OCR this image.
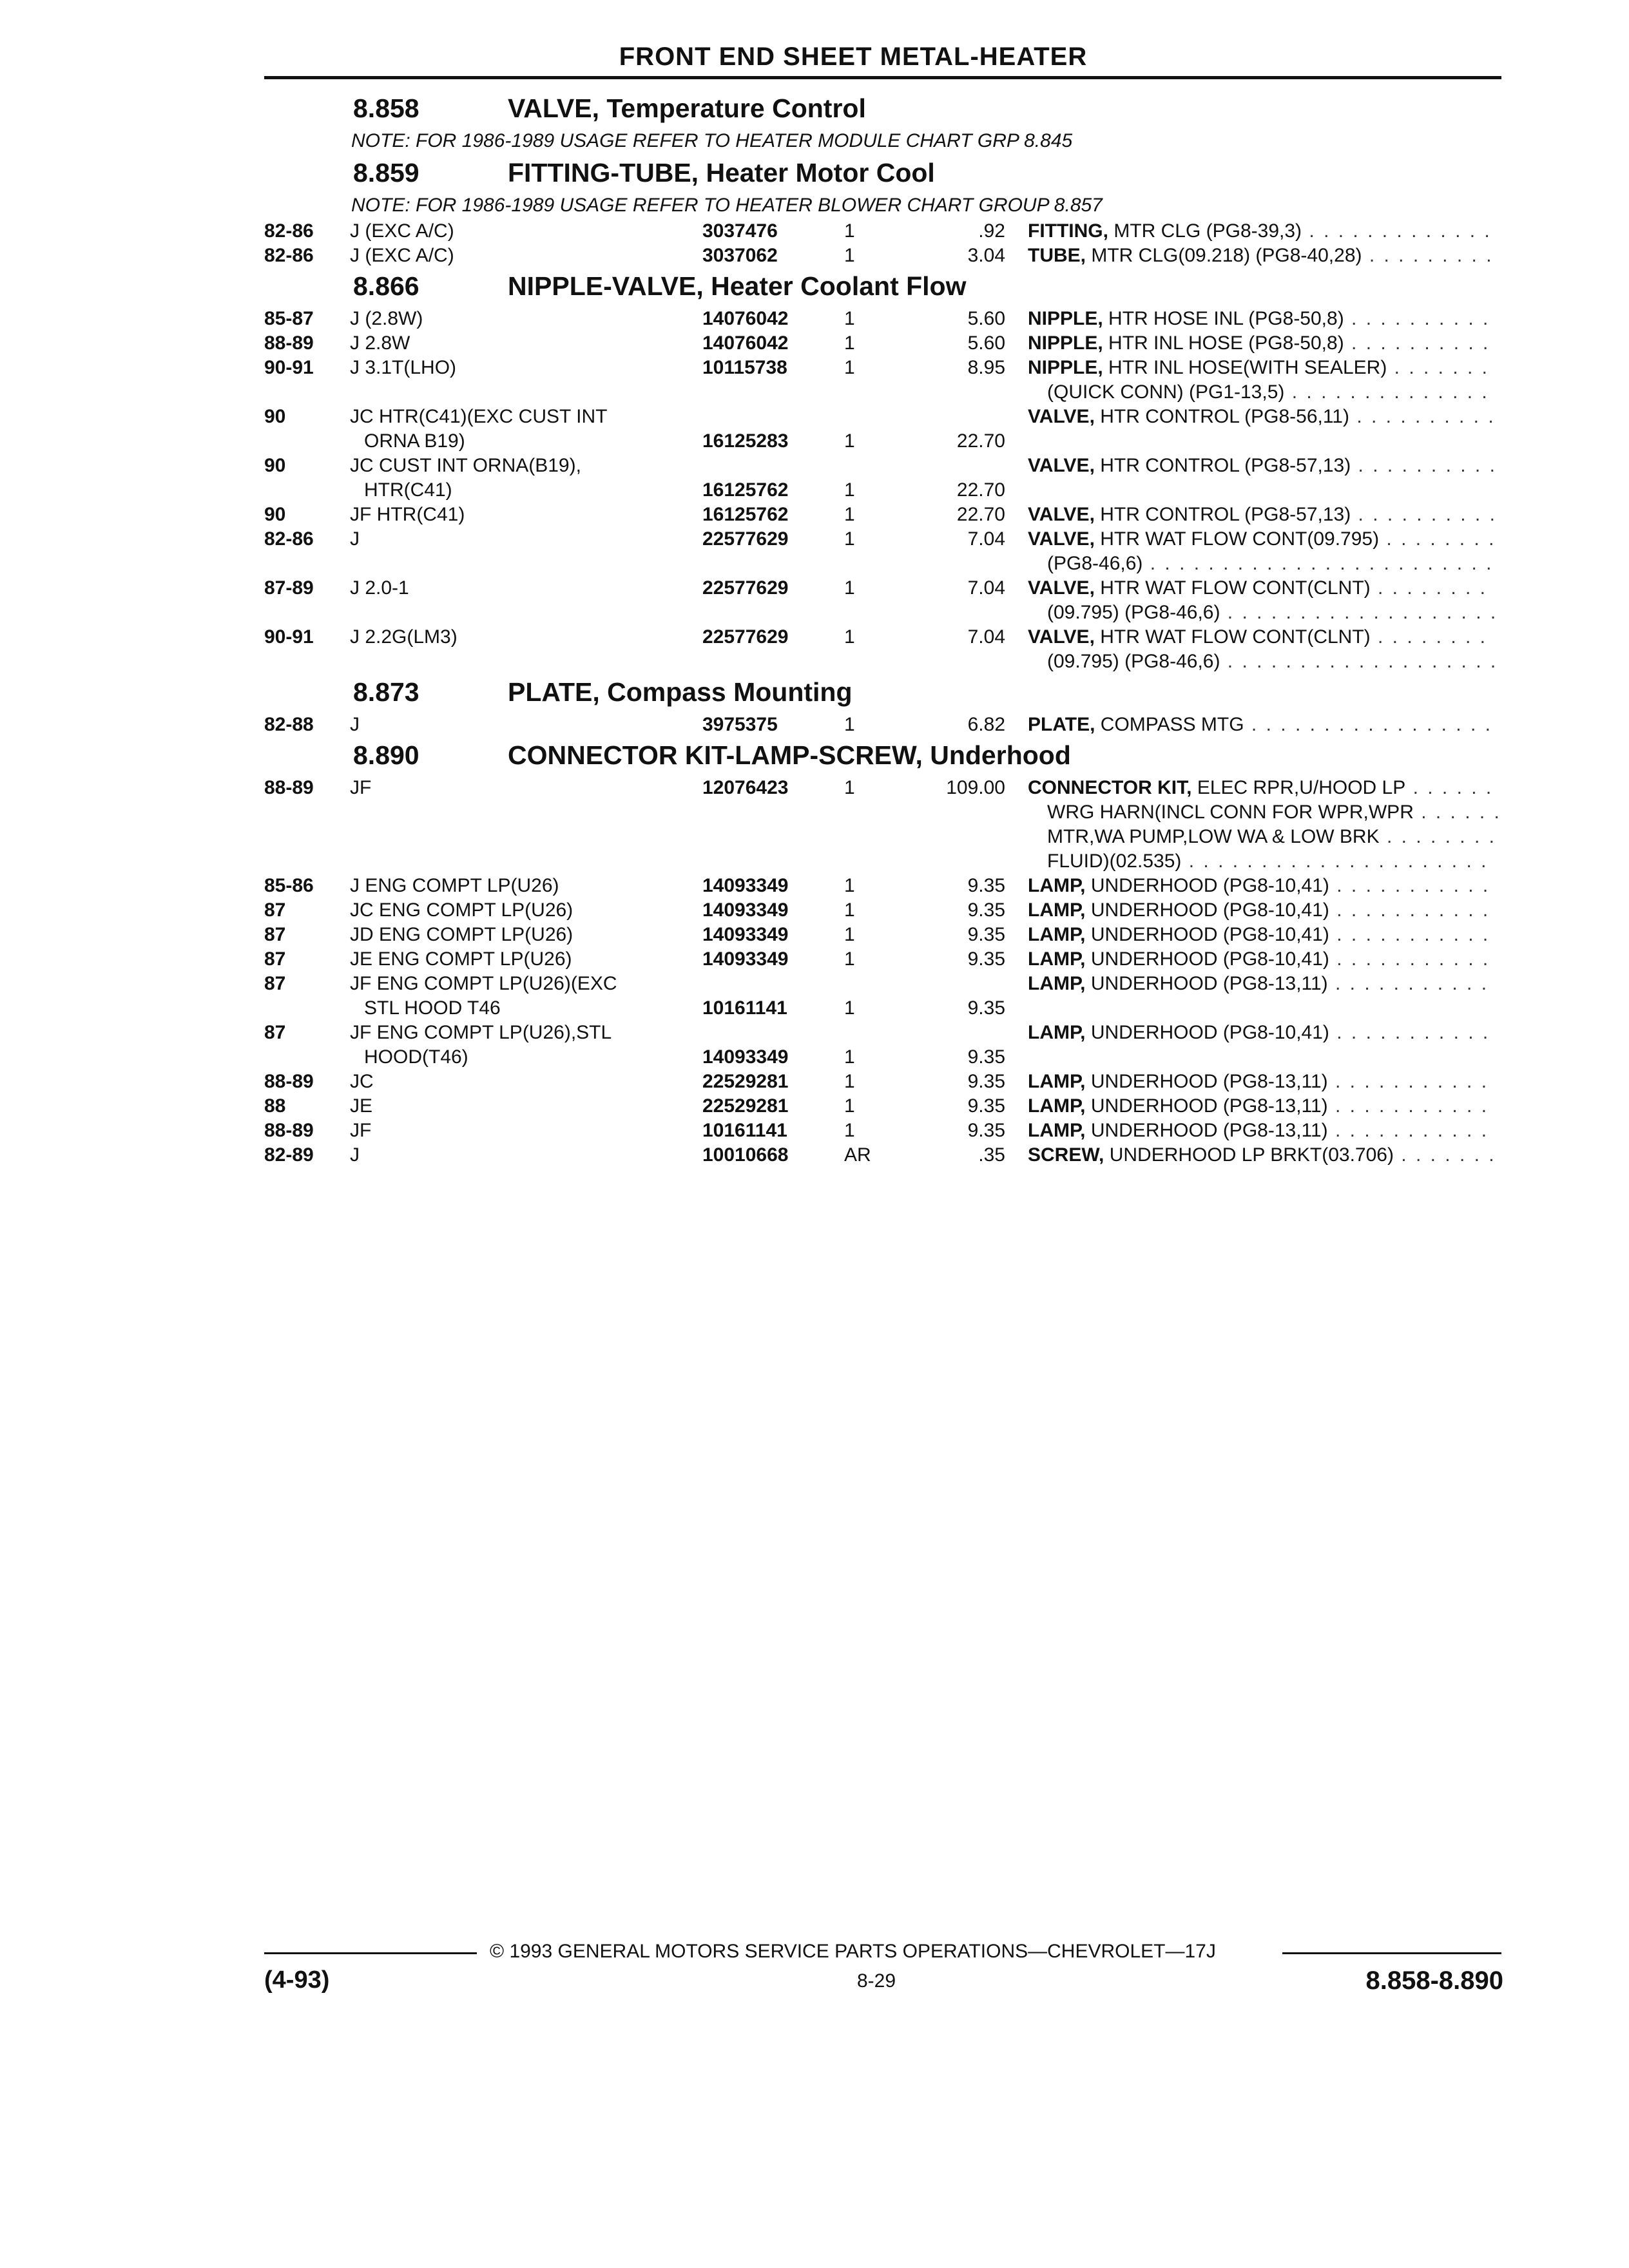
FRONT END SHEET METAL-HEATER
8.858	VALVE, Temperature Control
NOTE: FOR 1986-1989 USAGE REFER TO HEATER MODULE CHART GRP 8.845
8.859	FITTING-TUBE, Heater Motor Cool
NOTE: FOR 1986-1989 USAGE REFER TO HEATER BLOWER CHART GROUP 8.857
82-86 J (EXC A/C)	3037476	1	.92 FITTING, MTR CLG (PG8-39,3) . . . . . . . . . . . . .
82-86 J (EXC A/C)	3037062	1	3.04 TUBE, MTR CLG(09.218) (PG8-40,28) . . . . . . . . .
8.866	NIPPLE-VALVE, Heater Coolant Flow
85-87 J (2.8W)	14076042	1	5.60 NIPPLE, HTR HOSE INL (PG8-50,8) . . . . . . . . . .
88-89 J 2.8W	14076042	1	5.60 NIPPLE, HTR INL HOSE (PG8-50,8) . . . . . . . . . .
90-91 J 3.1T(LHO)	10115738	1	8.95 NIPPLE, HTR INL HOSE(WITH SEALER) . . . . . . .
(QUICK CONN) (PG1-13,5) . . . . . . . . . . . . . .
90	JC HTR(C41)(EXC CUST INT	VALVE, HTR CONTROL (PG8-56,11) . . . . . . . . . .
ORNA B19)	16125283	1	22.70
90	JC CUST INT ORNA(B19),	VALVE, HTR CONTROL (PG8-57,13) . . . . . . . . . .
HTR(C41)	16125762	1	22.70
90	JF HTR(C41)	16125762	1	22.70 VALVE, HTR CONTROL (PG8-57,13) . . . . . . . . . .
82-86 J	22577629	1	7.04 VALVE, HTR WAT FLOW CONT(09.795) . . . . . . . .
(PG8-46,6) . . . . . . . . . . . . . . . . . . . . . . . .
87-89 J 2.0-1	22577629	1	7.04 VALVE, HTR WAT FLOW CONT(CLNT) . . . . . . . .
(09.795) (PG8-46,6) . . . . . . . . . . . . . . . . . . .
90-91 J 2.2G(LM3)	22577629	1	7.04 VALVE, HTR WAT FLOW CONT(CLNT) . . . . . . . .
(09.795) (PG8-46,6) . . . . . . . . . . . . . . . . . . .
8.873	PLATE, Compass Mounting
82-88 J	3975375	1	6.82 PLATE, COMPASS MTG . . . . . . . . . . . . . . . . .
8.890	CONNECTOR KIT-LAMP-SCREW, Underhood
88-89 JF	12076423	1	109.00 CONNECTOR KIT, ELEC RPR,U/HOOD LP . . . . . .
WRG HARN(INCL CONN FOR WPR,WPR . . . . . .
MTR,WA PUMP,LOW WA & LOW BRK . . . . . . . .
FLUID)(02.535) . . . . . . . . . . . . . . . . . . . . .
85-86 J ENG COMPT LP(U26)	14093349	1	9.35 LAMP, UNDERHOOD (PG8-10,41) . . . . . . . . . . .
87	JC ENG COMPT LP(U26)	14093349	1	9.35 LAMP, UNDERHOOD (PG8-10,41) . . . . . . . . . . .
87	JD ENG COMPT LP(U26)	14093349	1	9.35 LAMP, UNDERHOOD (PG8-10,41) . . . . . . . . . . .
87	JE ENG COMPT LP(U26)	14093349	1	9.35 LAMP, UNDERHOOD (PG8-10,41) . . . . . . . . . . .
87	JF ENG COMPT LP(U26)(EXC	LAMP, UNDERHOOD (PG8-13,11) . . . . . . . . . . .
STL HOOD T46	10161141	1	9.35
87	JF ENG COMPT LP(U26),STL	LAMP, UNDERHOOD (PG8-10,41) . . . . . . . . . . .
HOOD(T46)	14093349	1	9.35
88-89 JC	22529281	1	9.35 LAMP, UNDERHOOD (PG8-13,11) . . . . . . . . . . .
88	JE	22529281	1	9.35 LAMP, UNDERHOOD (PG8-13,11) . . . . . . . . . . .
88-89 JF	10161141	1	9.35 LAMP, UNDERHOOD (PG8-13,11) . . . . . . . . . . .
82-89 J	10010668	AR	.35 SCREW, UNDERHOOD LP BRKT(03.706) . . . . . . .
© 1993 GENERAL MOTORS SERVICE PARTS OPERATIONS—CHEVROLET—17J
(4-93)	8-29	8.858-8.890
